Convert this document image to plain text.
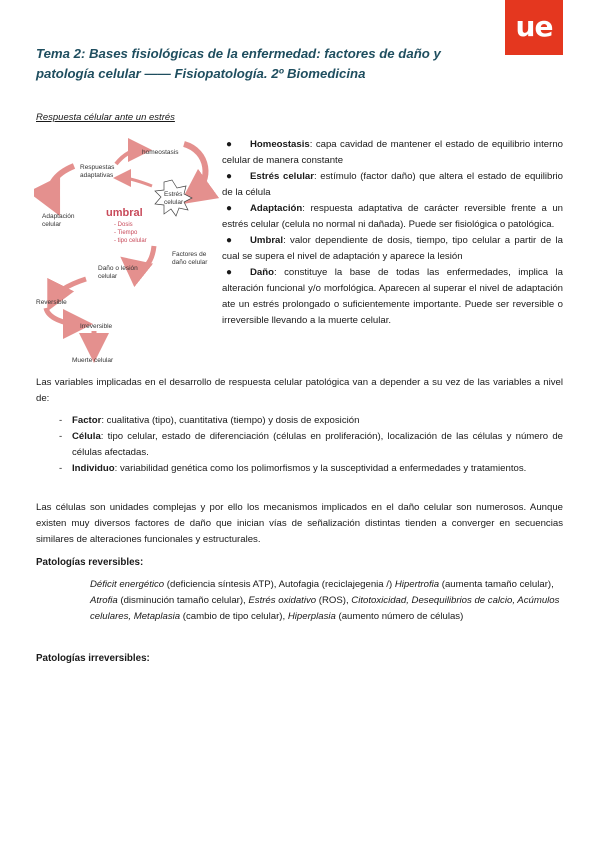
ue
Tema 2: Bases fisiológicas de la enfermedad: factores de daño y patología celular —— Fisiopatología. 2º Biomedicina
Respuesta célular ante un estrés
homeostasis
Respuestas
adaptativas
Estrés
celular
Adaptación
celular
umbral
- Dosis
- Tiempo
- tipo celular
Factores de
daño celular
Daño o lesión
celular
Reversible
Irreversible
Muerte celular
● Homeostasis: capa cavidad de mantener el estado de equilibrio interno celular de manera constante
● Estrés celular: estímulo (factor daño) que altera el estado de equilibrio de la célula
● Adaptación: respuesta adaptativa de carácter reversible frente a un estrés celular (celula no normal ni dañada). Puede ser fisiológica o patológica.
● Umbral: valor dependiente de dosis, tiempo, tipo celular a partir de la cual se supera el nivel de adaptación y aparece la lesión
● Daño: constituye la base de todas las enfermedades, implica la alteración funcional y/o morfológica. Aparecen al superar el nivel de adaptación ate un estrés prolongado o suficientemente importante. Puede ser reversible o irreversible llevando a la muerte celular.
Las variables implicadas en el desarrollo de respuesta celular patológica van a depender a su vez de las variables a nivel de:
- Factor: cualitativa (tipo), cuantitativa (tiempo) y dosis de exposición
- Célula: tipo celular, estado de diferenciación (células en proliferación), localización de las células y número de células afectadas.
- Individuo: variabilidad genética como los polimorfismos y la susceptividad a enfermedades y tratamientos.
Las células son unidades complejas y por ello los mecanismos implicados en el daño celular son numerosos. Aunque existen muy diversos factores de daño que inician vías de señalización distintas tienden a converger en secuencias similares de alteraciones funcionales y estructurales.
Patologías reversibles:
Déficit energético (deficiencia síntesis ATP), Autofagia (reciclajegenia /) Hipertrofia (aumenta tamaño celular), Atrofia (disminución tamaño celular), Estrés oxidativo (ROS), Citotoxicidad, Desequilibrios de calcio, Acúmulos celulares, Metaplasia (cambio de tipo celular), Hiperplasia (aumento número de células)
Patologías irreversibles:
